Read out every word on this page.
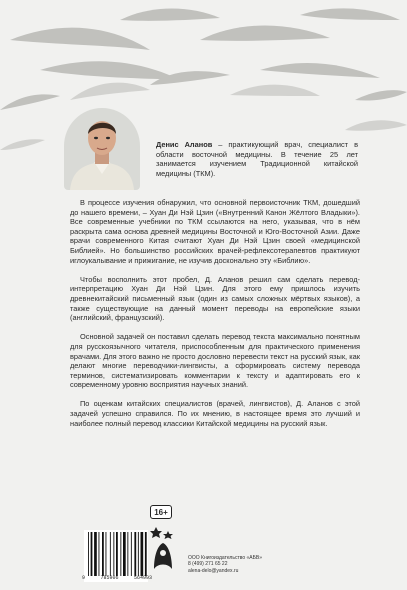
Денис Аланов – практикующий врач, специалист в области восточной медицины. В течение 25 лет занимается изучением Традиционной китайской медицины (ТКМ).

В процессе изучения обнаружил, что основной первоисточник ТКМ, дошедший до нашего времени, – Хуан Ди Нэй Цзин («Внутренний Канон Жёлтого Владыки»). Все современные учебники по ТКМ ссылаются на него, указывая, что в нём раскрыта сама основа древней медицины Восточной и Юго-Восточной Азии. Даже врачи современного Китая считают Хуан Ди Нэй Цзин своей «медицинской Библией». Но большинство российских врачей-рефлексотерапевтов практикуют иглоукалывание и прижигание, не изучив досконально эту «Библию».

Чтобы восполнить этот пробел, Д. Аланов решил сам сделать перевод-интерпретацию Хуан Ди Нэй Цзин. Для этого ему пришлось изучить древнекитайский письменный язык (один из самых сложных мёртвых языков), а также существующие на данный момент переводы на европейские языки (английский, французский).

Основной задачей он поставил сделать перевод текста максимально понятным для русскоязычного читателя, приспособленным для практического применения врачами. Для этого важно не просто дословно перевести текст на русский язык, как делают многие переводчики-лингвисты, а сформировать систему перевода терминов, систематизировать комментарии к тексту и адаптировать его к современному уровню восприятия научных знаний.

По оценкам китайских специалистов (врачей, лингвистов), Д. Аланов с этой задачей успешно справился. По их мнению, в настоящее время это лучший и наиболее полный перевод классики Китайской медицины на русский язык.

16+
9	785906	564993
ООО Книгоиздательство «АБВ»
8 (499) 271 65 22
alena-delo@yandex.ru
